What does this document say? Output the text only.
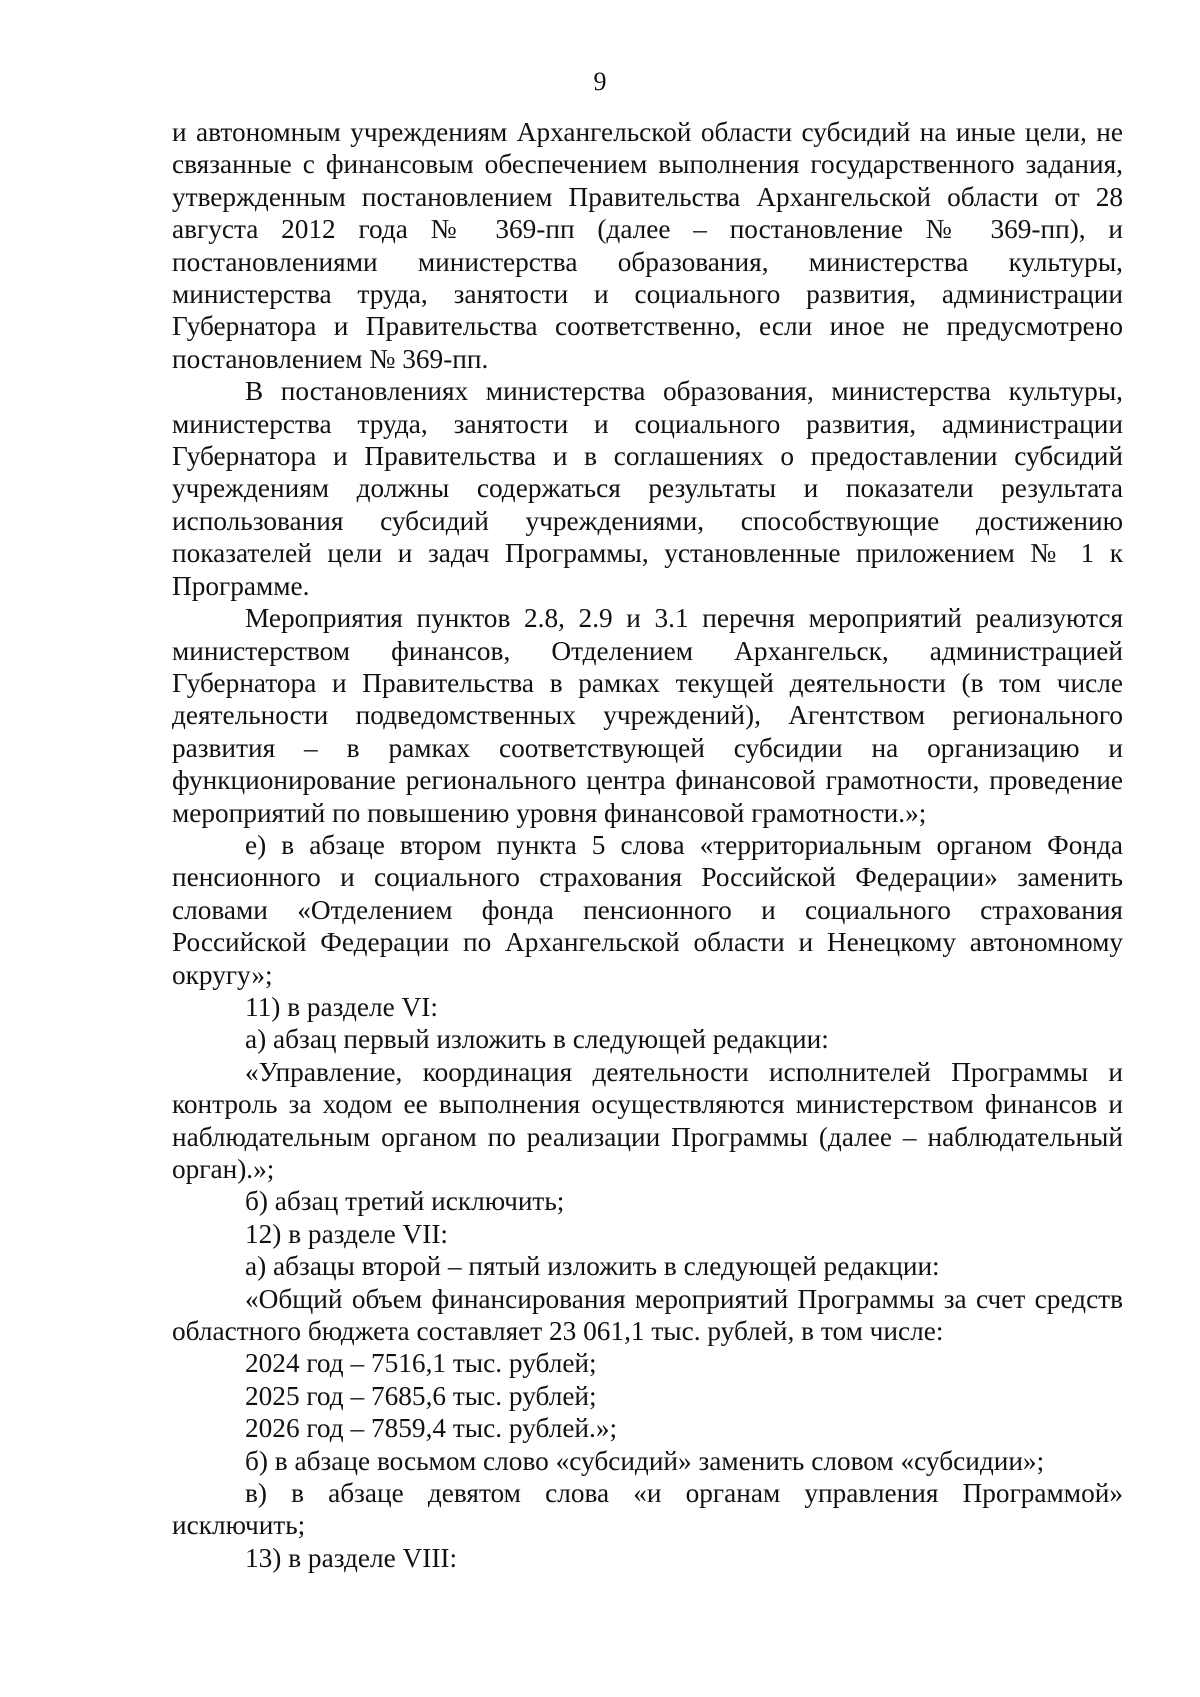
9

и автономным учреждениям Архангельской области субсидий на иные цели, не связанные с финансовым обеспечением выполнения государственного задания, утвержденным постановлением Правительства Архангельской области от 28 августа 2012 года № 369-пп (далее – постановление № 369-пп), и постановлениями министерства образования, министерства культуры, министерства труда, занятости и социального развития, администрации Губернатора и Правительства соответственно, если иное не предусмотрено постановлением № 369-пп.

В постановлениях министерства образования, министерства культуры, министерства труда, занятости и социального развития, администрации Губернатора и Правительства и в соглашениях о предоставлении субсидий учреждениям должны содержаться результаты и показатели результата использования субсидий учреждениями, способствующие достижению показателей цели и задач Программы, установленные приложением № 1 к Программе.

Мероприятия пунктов 2.8, 2.9 и 3.1 перечня мероприятий реализуются министерством финансов, Отделением Архангельск, администрацией Губернатора и Правительства в рамках текущей деятельности (в том числе деятельности подведомственных учреждений), Агентством регионального развития – в рамках соответствующей субсидии на организацию и функционирование регионального центра финансовой грамотности, проведение мероприятий по повышению уровня финансовой грамотности.»;

е) в абзаце втором пункта 5 слова «территориальным органом Фонда пенсионного и социального страхования Российской Федерации» заменить словами «Отделением фонда пенсионного и социального страхования Российской Федерации по Архангельской области и Ненецкому автономному округу»;

11) в разделе VI:

а) абзац первый изложить в следующей редакции:

«Управление, координация деятельности исполнителей Программы и контроль за ходом ее выполнения осуществляются министерством финансов и наблюдательным органом по реализации Программы (далее – наблюдательный орган).»;

б) абзац третий исключить;

12) в разделе VII:

а) абзацы второй – пятый изложить в следующей редакции:

«Общий объем финансирования мероприятий Программы за счет средств областного бюджета составляет 23 061,1 тыс. рублей, в том числе:

2024 год – 7516,1 тыс. рублей;

2025 год – 7685,6 тыс. рублей;

2026 год – 7859,4 тыс. рублей.»;

б) в абзаце восьмом слово «субсидий» заменить словом «субсидии»;

в) в абзаце девятом слова «и органам управления Программой» исключить;

13) в разделе VIII:
